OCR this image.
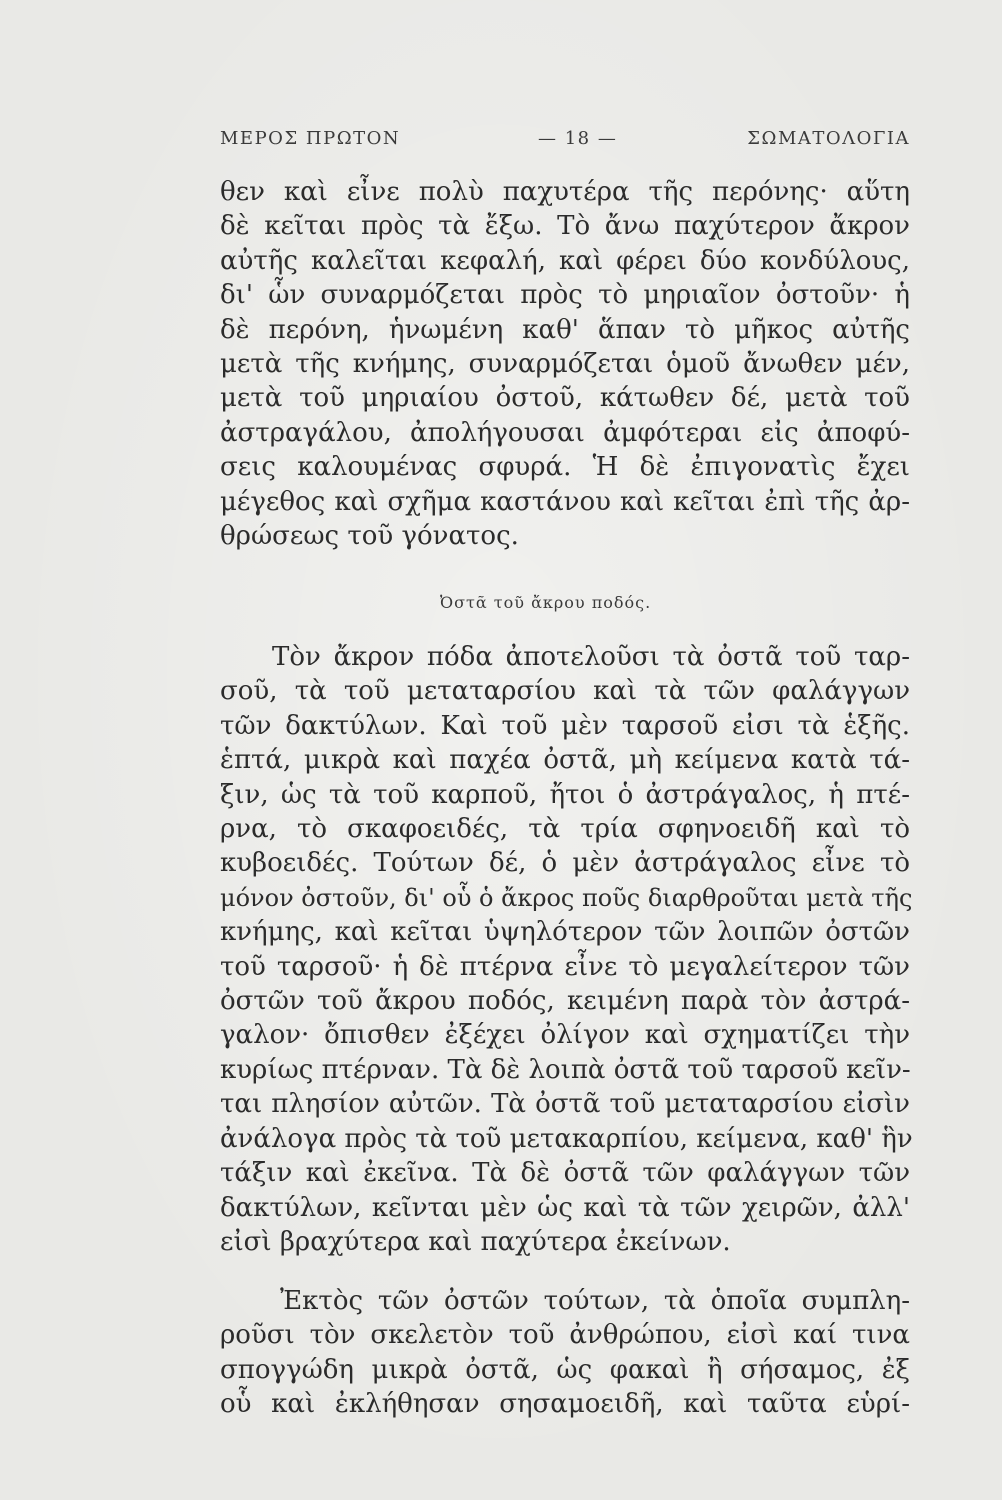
ΜΕΡΟΣ ΠΡΩΤΟΝ	— 18 —	ΣΩΜΑΤΟΛΟΓΙΑ
θεν καὶ εἶνε πολὺ παχυτέρα τῆς περόνης· αὕτη
δὲ κεῖται πρὸς τὰ ἔξω. Τὸ ἄνω παχύτερον ἄκρον
αὐτῆς καλεῖται κεφαλή, καὶ φέρει δύο κονδύλους,
δι' ὧν συναρμόζεται πρὸς τὸ μηριαῖον ὀστοῦν· ἡ
δὲ περόνη, ἡνωμένη καθ' ἅπαν τὸ μῆκος αὐτῆς
μετὰ τῆς κνήμης, συναρμόζεται ὁμοῦ ἄνωθεν μέν,
μετὰ τοῦ μηριαίου ὀστοῦ, κάτωθεν δέ, μετὰ τοῦ
ἀστραγάλου, ἀπολήγουσαι ἀμφότεραι εἰς ἀποφύ-
σεις καλουμένας σφυρά. Ἡ δὲ ἐπιγονατὶς ἔχει
μέγεθος καὶ σχῆμα καστάνου καὶ κεῖται ἐπὶ τῆς ἀρ-
θρώσεως τοῦ γόνατος.
Ὀστᾶ τοῦ ἄκρου ποδός.
Τὸν ἄκρον πόδα ἀποτελοῦσι τὰ ὀστᾶ τοῦ ταρ-
σοῦ, τὰ τοῦ μεταταρσίου καὶ τὰ τῶν φαλάγγων
τῶν δακτύλων. Καὶ τοῦ μὲν ταρσοῦ εἰσι τὰ ἑξῆς.
ἑπτά, μικρὰ καὶ παχέα ὀστᾶ, μὴ κείμενα κατὰ τά-
ξιν, ὡς τὰ τοῦ καρποῦ, ἤτοι ὁ ἀστράγαλος, ἡ πτέ-
ρνα, τὸ σκαφοειδές, τὰ τρία σφηνοειδῆ καὶ τὸ
κυβοειδές. Τούτων δέ, ὁ μὲν ἀστράγαλος εἶνε τὸ
μόνον ὀστοῦν, δι' οὗ ὁ ἄκρος ποῦς διαρθροῦται μετὰ τῆς
κνήμης, καὶ κεῖται ὑψηλότερον τῶν λοιπῶν ὀστῶν
τοῦ ταρσοῦ· ἡ δὲ πτέρνα εἶνε τὸ μεγαλείτερον τῶν
ὀστῶν τοῦ ἄκρου ποδός, κειμένη παρὰ τὸν ἀστρά-
γαλον· ὄπισθεν ἐξέχει ὀλίγον καὶ σχηματίζει τὴν
κυρίως πτέρναν. Τὰ δὲ λοιπὰ ὀστᾶ τοῦ ταρσοῦ κεῖν-
ται πλησίον αὐτῶν. Τὰ ὀστᾶ τοῦ μεταταρσίου εἰσὶν
ἀνάλογα πρὸς τὰ τοῦ μετακαρπίου, κείμενα, καθ' ἣν
τάξιν καὶ ἐκεῖνα. Τὰ δὲ ὀστᾶ τῶν φαλάγγων τῶν
δακτύλων, κεῖνται μὲν ὡς καὶ τὰ τῶν χειρῶν, ἀλλ'
εἰσὶ βραχύτερα καὶ παχύτερα ἐκείνων.
Ἐκτὸς τῶν ὀστῶν τούτων, τὰ ὁποῖα συμπλη-
ροῦσι τὸν σκελετὸν τοῦ ἀνθρώπου, εἰσὶ καί τινα
σπογγώδη μικρὰ ὀστᾶ, ὡς φακαὶ ἢ σήσαμος, ἐξ
οὗ καὶ ἐκλήθησαν σησαμοειδῆ, καὶ ταῦτα εὑρί-
